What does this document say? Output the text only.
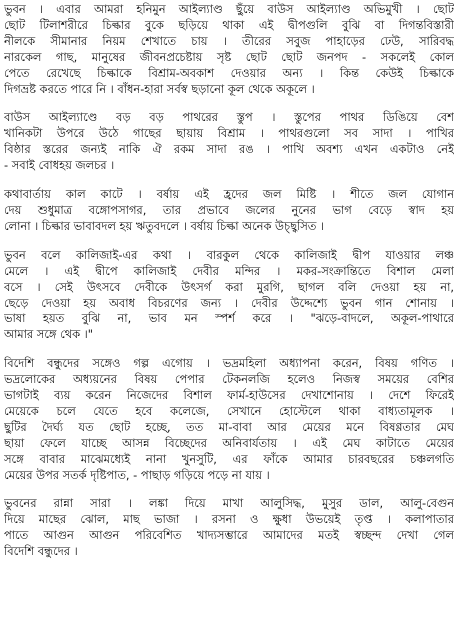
ভুবন । এবার আমরা হনিমুন আইল্যাণ্ড ছুঁয়ে বাউস আইল্যাণ্ড অভিমুখী । ছোট
ছোট টিলাশরীরে চিল্কার বুকে ছড়িয়ে থাকা এই দ্বীপগুলি বুঝি বা দিগন্তবিস্তারী
নীলকে সীমানার নিয়ম শেখাতে চায় । তীরের সবুজ পাহাড়ের ঢেউ, সারিবদ্ধ
নারকেল গাছ, মানুষের জীবনপ্রচেষ্টায় সৃষ্ট ছোট ছোট জনপদ - সকলেই কোল
পেতে রেখেছে চিল্কাকে বিশ্রাম-অবকাশ দেওয়ার অন্য । কিন্ত কেউই চিল্কাকে
দিগভ্রষ্ট করতে পারে নি । বাঁধন-হারা সর্বস্ব ছড়ানো কূল থেকে অকূলে ।
বাউস আইল্যাণ্ডে বড় বড় পাথরের স্তুপ । স্তুপের পাথর ডিঙিয়ে বেশ
খানিকটা উপরে উঠে গাছের ছায়ায় বিশ্রাম । পাথরগুলো সব সাদা । পাখির
বিষ্ঠার স্তরের জন্যই নাকি ঐ রকম সাদা রঙ । পাখি অবশ্য এখন একটাও নেই
- সবাই বোধহয় জলচর ।
কথাবার্তায় কাল কাটে । বর্ষায় এই হ্রদের জল মিষ্টি । শীতে জল যোগান
দেয় শুধুমাত্র বঙ্গোপসাগর, তার প্রভাবে জলের নুনের ভাগ বেড়ে স্বাদ হয়
লোনা । চিল্কার ভাবাবদল হয় ঋতুবদলে । বর্ষায় চিল্কা অনেক উচ্ছ্বসিত ।
ভুবন বলে কালিজাই-এর কথা । বারকুল থেকে কালিজাই দ্বীপ যাওয়ার লঞ্চ
মেলে । এই দ্বীপে কালিজাই দেবীর মন্দির । মকর-সংক্রান্তিতে বিশাল মেলা
বসে । সেই উৎসবে দেবীকে উৎসর্গ করা মুরগি, ছাগল বলি দেওয়া হয় না,
ছেড়ে দেওয়া হয় অবাধ বিচরণের জন্য । দেবীর উদ্দেশ্যে ভুবন গান শোনায় ।
ভাষা হয়ত বুঝি না, ভাব মন স্পর্শ করে । "ঝড়ে-বাদলে, অকূল-পাথারে
আমার সঙ্গে থেক ।"
বিদেশি বন্ধুদের সঙ্গেও গল্প এগোয় । ভদ্রমহিলা অধ্যাপনা করেন, বিষয় গণিত ।
ভদ্রলোকের অধ্যয়নের বিষয় পেপার টেকনলজি হলেও নিজস্ব সময়ের বেশির
ভাগটাই ব্যয় করেন নিজেদের বিশাল ফার্ম-হাউসের দেখাশোনায় । দেশে ফিরেই
মেয়েকে চলে যেতে হবে কলেজে, সেখানে হোস্টেলে থাকা বাধ্যতামূলক ।
ছুটির দৈর্ঘ্য যত ছোট হচ্ছে, তত মা-বাবা আর মেয়ের মনে বিষণ্ণতার মেঘ
ছায়া ফেলে যাচ্ছে আসন্ন বিচ্ছেদের অনিবার্যতায় । এই মেঘ কাটাতে মেয়ের
সঙ্গে বাবার মাঝেমধ্যেই নানা খুনসুটি, এর ফাঁকে আমার চারবছরের চঞ্চলগতি
মেয়ের উপর সতর্ক দৃষ্টিপাত, - পাছাড় গড়িয়ে পড়ে না যায় ।
ভুবনের রান্না সারা । লঙ্কা দিয়ে মাখা আলুসিদ্ধ, মুসুর ডাল, আলু-বেগুন
দিয়ে মাছের ঝোল, মাছ ভাজা । রসনা ও ক্ষুধা উভয়েই তৃপ্ত । কলাপাতার
পাতে আগুন আগুন পরিবেশিত খাদ্যসম্ভারে আমাদের মতই স্বচ্ছন্দ দেখা গেল
বিদেশি বন্ধুদের ।
